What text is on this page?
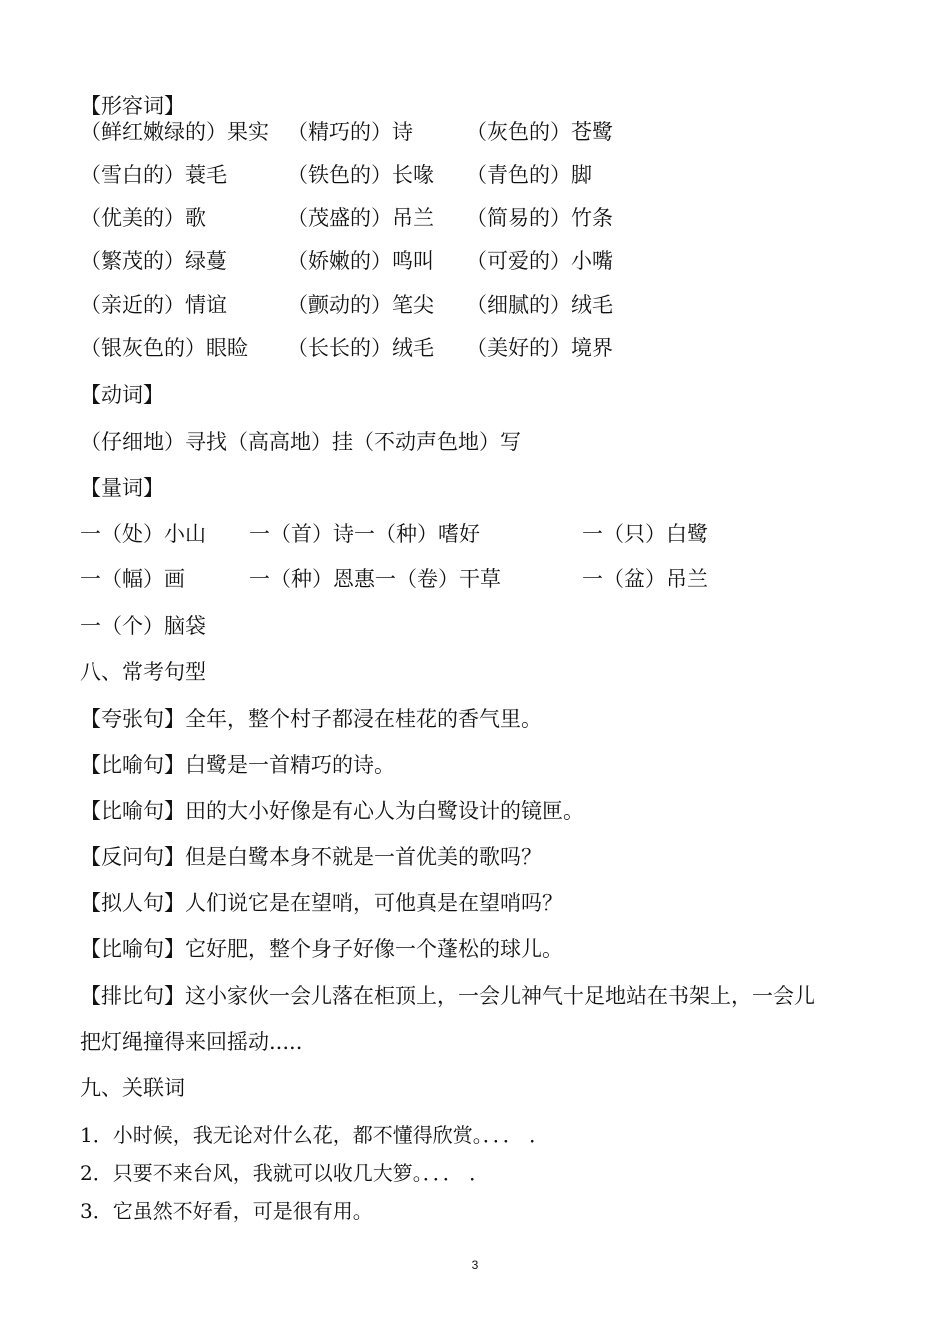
【形容词】
（鲜红嫩绿的）果实 （精巧的）诗	（灰色的）苍鹭
（雪白的）蓑毛	（铁色的）长喙 （青色的）脚
（优美的）歌	（茂盛的）吊兰 （简易的）竹条
（繁茂的）绿蔓	（娇嫩的）鸣叫 （可爱的）小嘴
（亲近的）情谊	（颤动的）笔尖 （细腻的）绒毛
（银灰色的）眼睑 （长长的）绒毛 （美好的）境界
【动词】
（仔细地）寻找（高高地）挂（不动声色地）写
【量词】
一（处）小山 一（首）诗一（种）嗜好	一（只）白鹭
一（幅）画	一（种）恩惠一（卷）干草	一（盆）吊兰
一（个）脑袋
八、常考句型
【夸张句】全年，整个村子都浸在桂花的香气里。
【比喻句】白鹭是一首精巧的诗。
【比喻句】田的大小好像是有心人为白鹭设计的镜匣。
【反问句】但是白鹭本身不就是一首优美的歌吗？
【拟人句】人们说它是在望哨，可他真是在望哨吗？
【比喻句】它好肥，整个身子好像一个蓬松的球儿。
【排比句】这小家伙一会儿落在柜顶上，一会儿神气十足地站在书架上，一会儿
把灯绳撞得来回摇动.....
九、关联词
1．小时候，我无论对什么花，都不懂得欣赏。．．． ．
2．只要不来台风，我就可以收几大箩。．．． ．
3．它虽然不好看，可是很有用。
3
